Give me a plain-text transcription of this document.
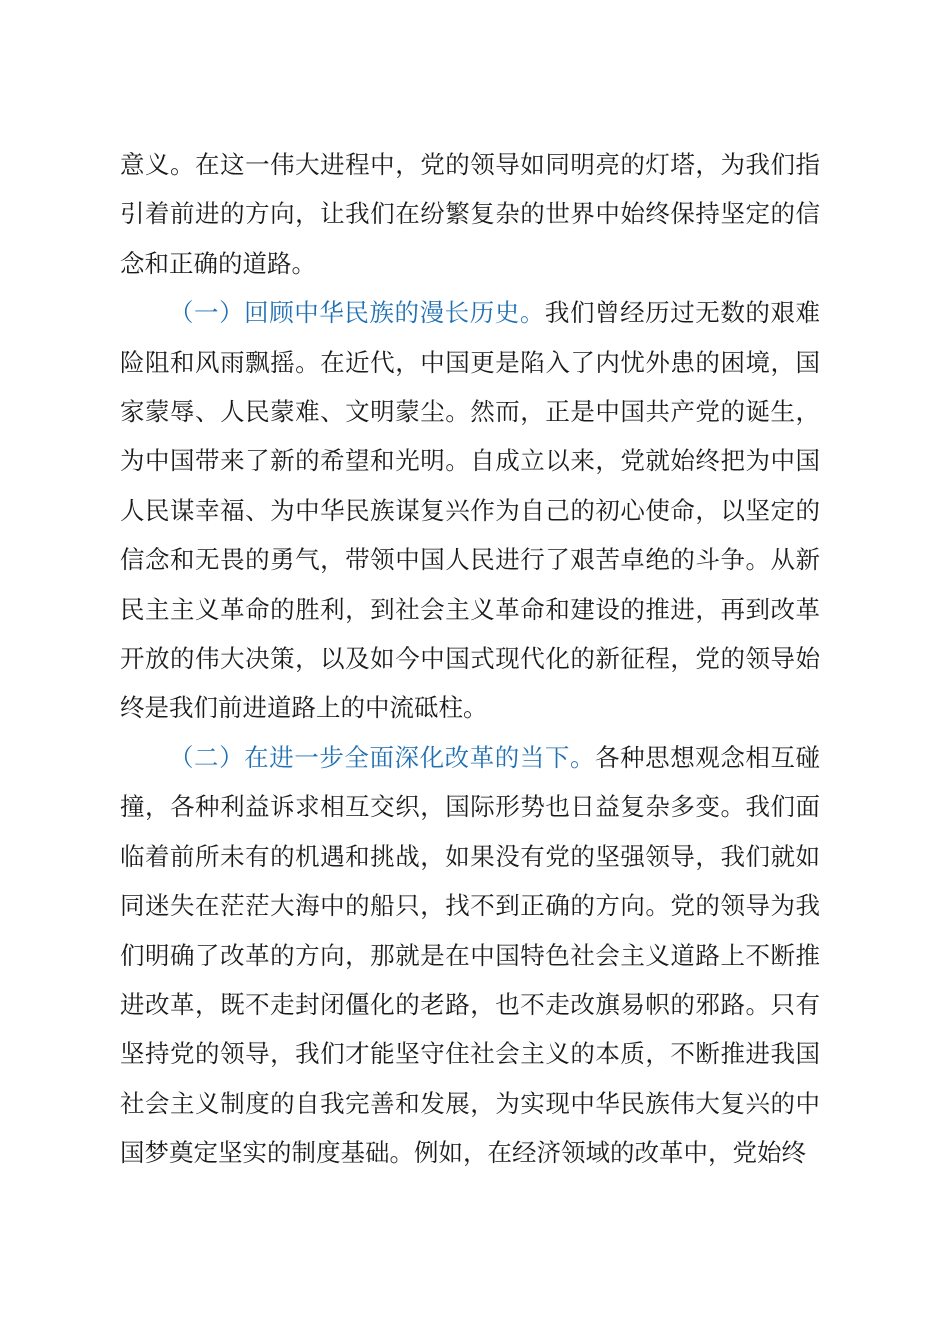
意义。在这一伟大进程中，党的领导如同明亮的灯塔，为我们指引着前进的方向，让我们在纷繁复杂的世界中始终保持坚定的信念和正确的道路。

（一）回顾中华民族的漫长历史。我们曾经历过无数的艰难险阻和风雨飘摇。在近代，中国更是陷入了内忧外患的困境，国家蒙辱、人民蒙难、文明蒙尘。然而，正是中国共产党的诞生，为中国带来了新的希望和光明。自成立以来，党就始终把为中国人民谋幸福、为中华民族谋复兴作为自己的初心使命，以坚定的信念和无畏的勇气，带领中国人民进行了艰苦卓绝的斗争。从新民主主义革命的胜利，到社会主义革命和建设的推进，再到改革开放的伟大决策，以及如今中国式现代化的新征程，党的领导始终是我们前进道路上的中流砥柱。

（二）在进一步全面深化改革的当下。各种思想观念相互碰撞，各种利益诉求相互交织，国际形势也日益复杂多变。我们面临着前所未有的机遇和挑战，如果没有党的坚强领导，我们就如同迷失在茫茫大海中的船只，找不到正确的方向。党的领导为我们明确了改革的方向，那就是在中国特色社会主义道路上不断推进改革，既不走封闭僵化的老路，也不走改旗易帜的邪路。只有坚持党的领导，我们才能坚守住社会主义的本质，不断推进我国社会主义制度的自我完善和发展，为实现中华民族伟大复兴的中国梦奠定坚实的制度基础。例如，在经济领域的改革中，党始终
